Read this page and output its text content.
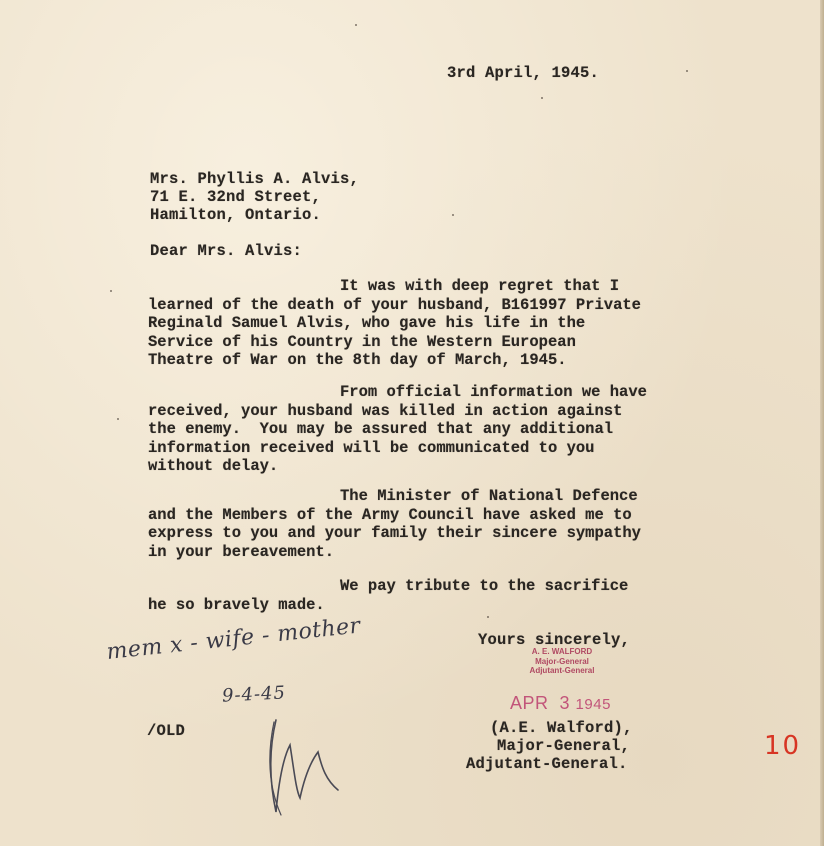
3rd April, 1945.
Mrs. Phyllis A. Alvis,
71 E. 32nd Street,
Hamilton, Ontario.
Dear Mrs. Alvis:
It was with deep regret that I
learned of the death of your husband, B161997 Private
Reginald Samuel Alvis, who gave his life in the
Service of his Country in the Western European
Theatre of War on the 8th day of March, 1945.
From official information we have
received, your husband was killed in action against
the enemy.  You may be assured that any additional
information received will be communicated to you
without delay.
The Minister of National Defence
and the Members of the Army Council have asked me to
express to you and your family their sincere sympathy
in your bereavement.
We pay tribute to the sacrifice
he so bravely made.
Yours sincerely,
A. E. WALFORD
Major-General
Adjutant-General
APR  3 1945
(A.E. Walford),
Major-General,
Adjutant-General.
/OLD
mem x - wife - mother
9-4-45
10
